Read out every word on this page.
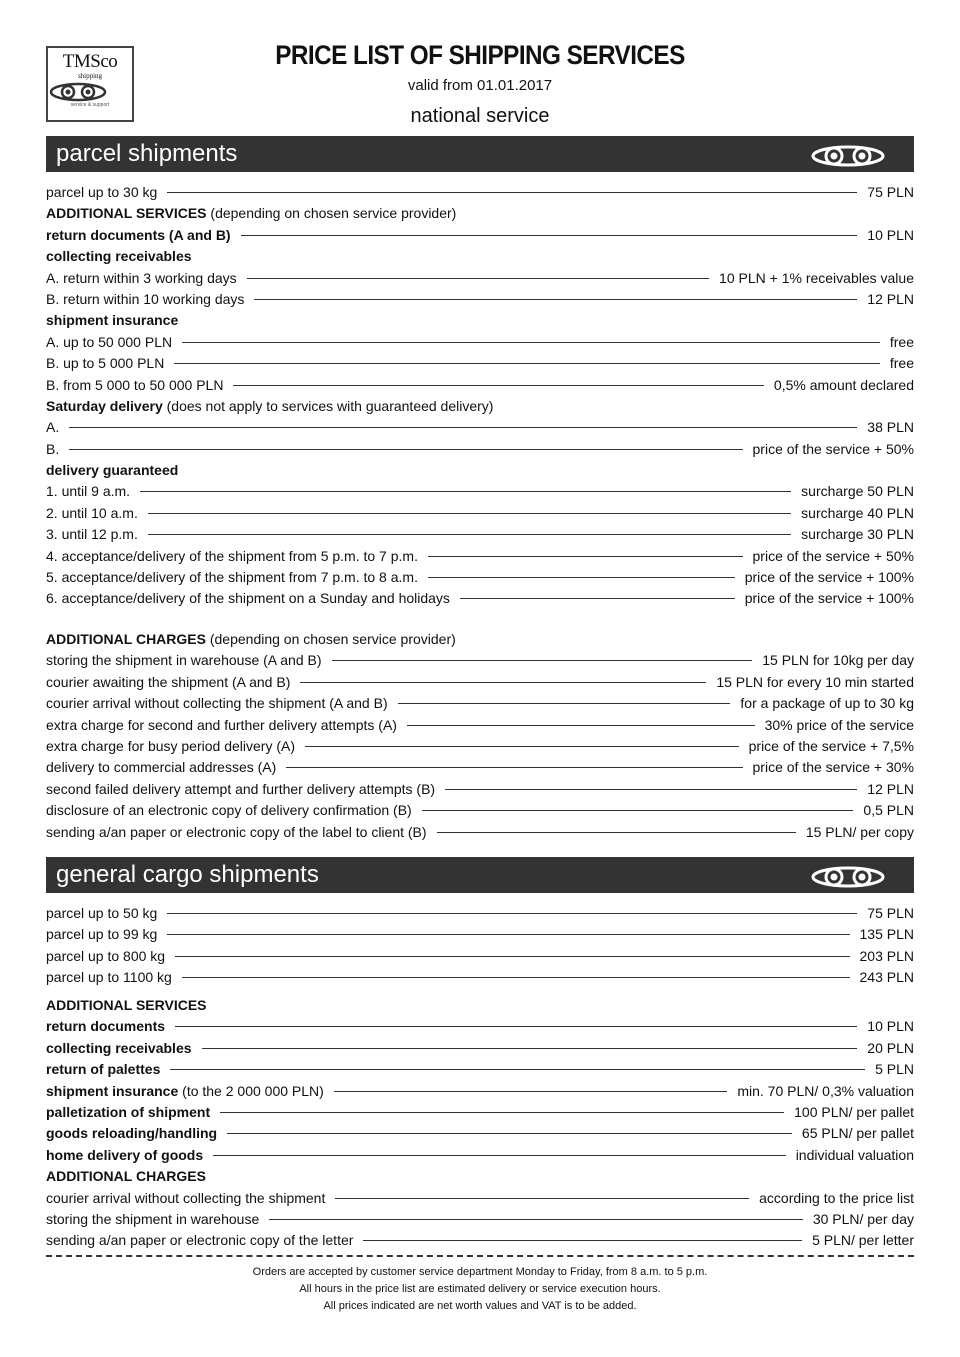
TMSco
shipping
service & support
PRICE LIST OF SHIPPING SERVICES
valid from 01.01.2017
national service
parcel shipments
parcel up to 30 kg	75 PLN
ADDITIONAL SERVICES (depending on chosen service provider)
return documents (A and B)	10 PLN
collecting receivables
A. return within 3 working days	10 PLN + 1% receivables value
B. return within 10 working days	12 PLN
shipment insurance
A. up to 50 000 PLN	free
B. up to 5 000 PLN	free
B. from 5 000 to 50 000 PLN	0,5% amount declared
Saturday delivery (does not apply to services with guaranteed delivery)
A.	38 PLN
B.	price of the service + 50%
delivery guaranteed
1. until 9 a.m.	surcharge 50 PLN
2. until 10 a.m.	surcharge 40 PLN
3. until 12 p.m.	surcharge 30 PLN
4. acceptance/delivery of the shipment from 5 p.m. to 7 p.m.	price of the service + 50%
5. acceptance/delivery of the shipment from 7 p.m. to 8 a.m.	price of the service + 100%
6. acceptance/delivery of the shipment on a Sunday and holidays	price of the service + 100%
ADDITIONAL CHARGES (depending on chosen service provider)
storing the shipment in warehouse (A and B)	15 PLN for 10kg per day
courier awaiting the shipment (A and B)	15 PLN for every 10 min started
courier arrival without collecting the shipment (A and B)	for a package of up to 30 kg
extra charge for second and further delivery attempts (A)	30% price of the service
extra charge for busy period delivery (A)	price of the service + 7,5%
delivery to commercial addresses (A)	price of the service + 30%
second failed delivery attempt and further delivery attempts (B)	12 PLN
disclosure of an electronic copy of delivery confirmation (B)	0,5 PLN
sending a/an paper or electronic copy of the label to client (B)	15 PLN/ per copy
general cargo shipments
parcel up to 50 kg	75 PLN
parcel up to 99 kg	135 PLN
parcel up to 800 kg	203 PLN
parcel up to 1100 kg	243 PLN
ADDITIONAL SERVICES
return documents	10 PLN
collecting receivables	20 PLN
return of palettes	5 PLN
shipment insurance (to the 2 000 000 PLN)	min. 70 PLN/ 0,3% valuation
palletization of shipment	100 PLN/ per pallet
goods reloading/handling	65 PLN/ per pallet
home delivery of goods	individual valuation
ADDITIONAL CHARGES
courier arrival without collecting the shipment	according to the price list
storing the shipment in warehouse	30 PLN/ per day
sending a/an paper or electronic copy of the letter	5 PLN/ per letter
Orders are accepted by customer service department Monday to Friday, from 8 a.m. to 5 p.m.
All hours in the price list are estimated delivery or service execution hours.
All prices indicated are net worth values and VAT is to be added.
